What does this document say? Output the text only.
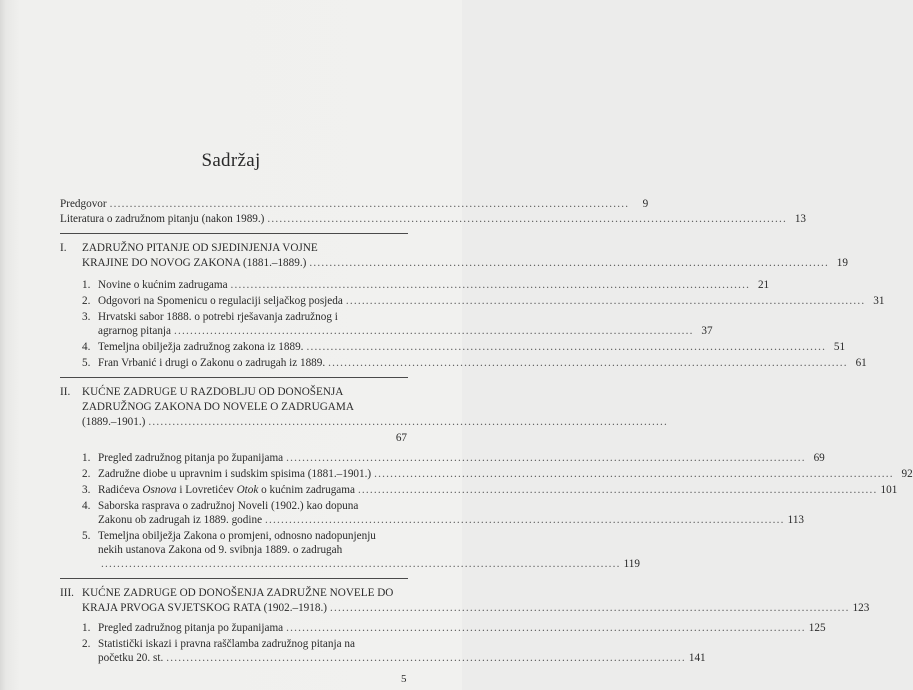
Sadržaj
Predgovor ..................................................................................................................................	9
Literatura o zadružnom pitanju (nakon 1989.) .................................................................................................................................. 13
I. ZADRUŽNO PITANJE OD SJEDINJENJA VOJNE
KRAJINE DO NOVOG ZAKONA (1881.–1889.) .................................................................................................................................. 19
1. Novine o kućnim zadrugama .................................................................................................................................. 21
2. Odgovori na Spomenicu o regulaciji seljačkog posjeda .................................................................................................................................. 31
3. Hrvatski sabor 1888. o potrebi rješavanja zadružnog i
agrarnog pitanja .................................................................................................................................. 37
4. Temeljna obilježja zadružnog zakona iz 1889. .................................................................................................................................. 51
5. Fran Vrbanić i drugi o Zakonu o zadrugah iz 1889. .................................................................................................................................. 61
II. KUĆNE ZADRUGE U RAZDOBLJU OD DONOŠENJA
ZADRUŽNOG ZAKONA DO NOVELE O ZADRUGAMA
(1889.–1901.) ..................................................................................................................................
67
1. Pregled zadružnog pitanja po županijama .................................................................................................................................. 69
2. Zadružne diobe u upravnim i sudskim spisima (1881.–1901.) .................................................................................................................................. 92
3. Radićeva Osnova i Lovretićev Otok o kućnim zadrugama .................................................................................................................................. 101
4. Saborska rasprava o zadružnoj Noveli (1902.) kao dopuna
Zakonu ob zadrugah iz 1889. godine .................................................................................................................................. 113
5. Temeljna obilježja Zakona o promjeni, odnosno nadopunjenju
nekih ustanova Zakona od 9. svibnja 1889. o zadrugah
.................................................................................................................................. 119
III. KUĆNE ZADRUGE OD DONOŠENJA ZADRUŽNE NOVELE DO
KRAJA PRVOGA SVJETSKOG RATA (1902.–1918.) .................................................................................................................................. 123
1. Pregled zadružnog pitanja po županijama .................................................................................................................................. 125
2. Statistički iskazi i pravna raščlamba zadružnog pitanja na
početku 20. st. .................................................................................................................................. 141
5
